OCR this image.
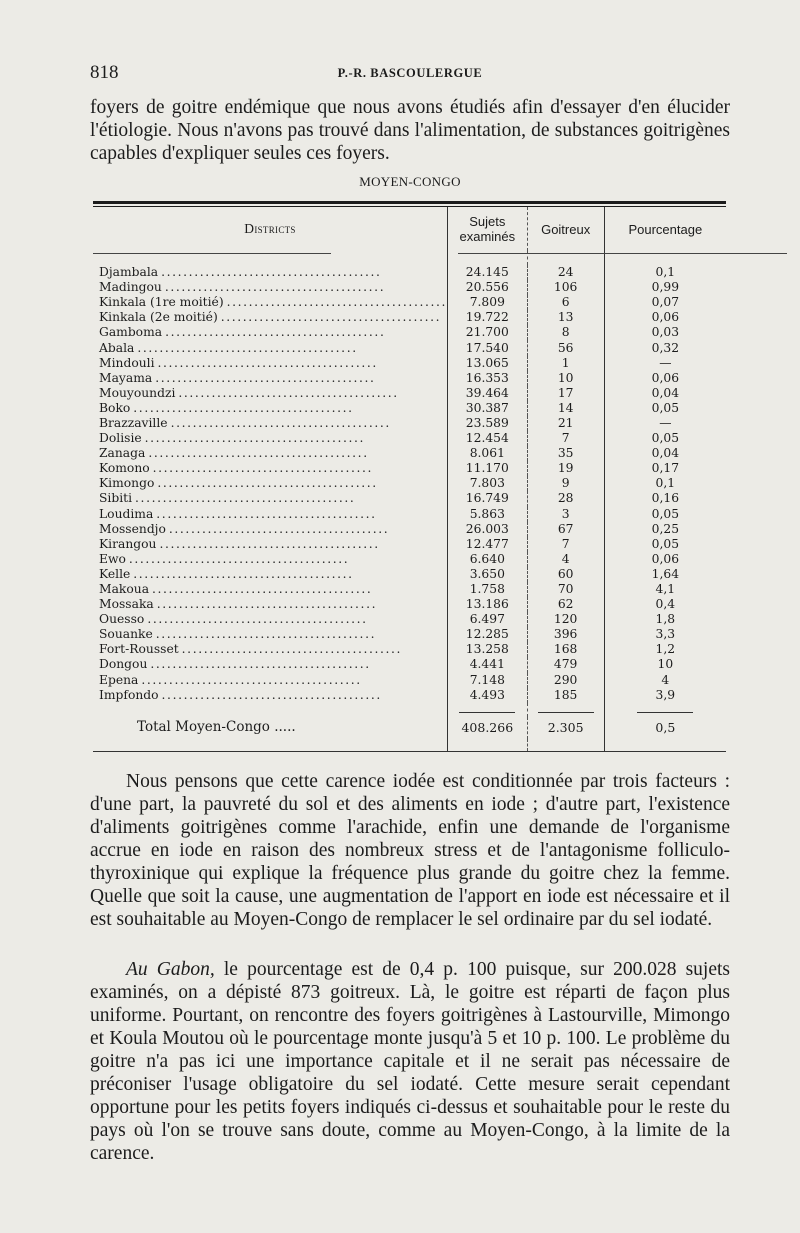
818	P.-R. BASCOULERGUE

foyers de goitre endémique que nous avons étudiés afin d'essayer d'en élucider l'étiologie. Nous n'avons pas trouvé dans l'alimentation, de substances goitrigènes capables d'expliquer seules ces foyers.

MOYEN-CONGO
Districts	Sujets examinés	Goitreux	Pourcentage

Djambala ........................................	24.145	24	0,1
Madingou ........................................	20.556	106	0,99
Kinkala (1re moitié) ........................................	7.809	6	0,07
Kinkala (2e moitié) ........................................	19.722	13	0,06
Gamboma ........................................	21.700	8	0,03
Abala ........................................	17.540	56	0,32
Mindouli ........................................	13.065	1	—
Mayama ........................................	16.353	10	0,06
Mouyoundzi ........................................	39.464	17	0,04
Boko ........................................	30.387	14	0,05
Brazzaville ........................................	23.589	21	—
Dolisie ........................................	12.454	7	0,05
Zanaga ........................................	8.061	35	0,04
Komono ........................................	11.170	19	0,17
Kimongo ........................................	7.803	9	0,1
Sibiti ........................................	16.749	28	0,16
Loudima ........................................	5.863	3	0,05
Mossendjo ........................................	26.003	67	0,25
Kirangou ........................................	12.477	7	0,05
Ewo ........................................	6.640	4	0,06
Kelle ........................................	3.650	60	1,64
Makoua ........................................	1.758	70	4,1
Mossaka ........................................	13.186	62	0,4
Ouesso ........................................	6.497	120	1,8
Souanke ........................................	12.285	396	3,3
Fort-Rousset ........................................	13.258	168	1,2
Dongou ........................................	4.441	479	10
Epena ........................................	7.148	290	4
Impfondo ........................................	4.493	185	3,9

Total Moyen-Congo .....	408.266	2.305	0,5

Nous pensons que cette carence iodée est conditionnée par trois facteurs : d'une part, la pauvreté du sol et des aliments en iode ; d'autre part, l'existence d'aliments goitrigènes comme l'arachide, enfin une demande de l'organisme accrue en iode en raison des nombreux stress et de l'antagonisme folliculo-thyroxinique qui explique la fréquence plus grande du goitre chez la femme. Quelle que soit la cause, une augmentation de l'apport en iode est nécessaire et il est souhaitable au Moyen-Congo de remplacer le sel ordinaire par du sel iodaté.

Au Gabon, le pourcentage est de 0,4 p. 100 puisque, sur 200.028 sujets examinés, on a dépisté 873 goitreux. Là, le goitre est réparti de façon plus uniforme. Pourtant, on rencontre des foyers goitrigènes à Lastourville, Mimongo et Koula Moutou où le pourcentage monte jusqu'à 5 et 10 p. 100. Le problème du goitre n'a pas ici une importance capitale et il ne serait pas nécessaire de préconiser l'usage obligatoire du sel iodaté. Cette mesure serait cependant opportune pour les petits foyers indiqués ci-dessus et souhaitable pour le reste du pays où l'on se trouve sans doute, comme au Moyen-Congo, à la limite de la carence.
